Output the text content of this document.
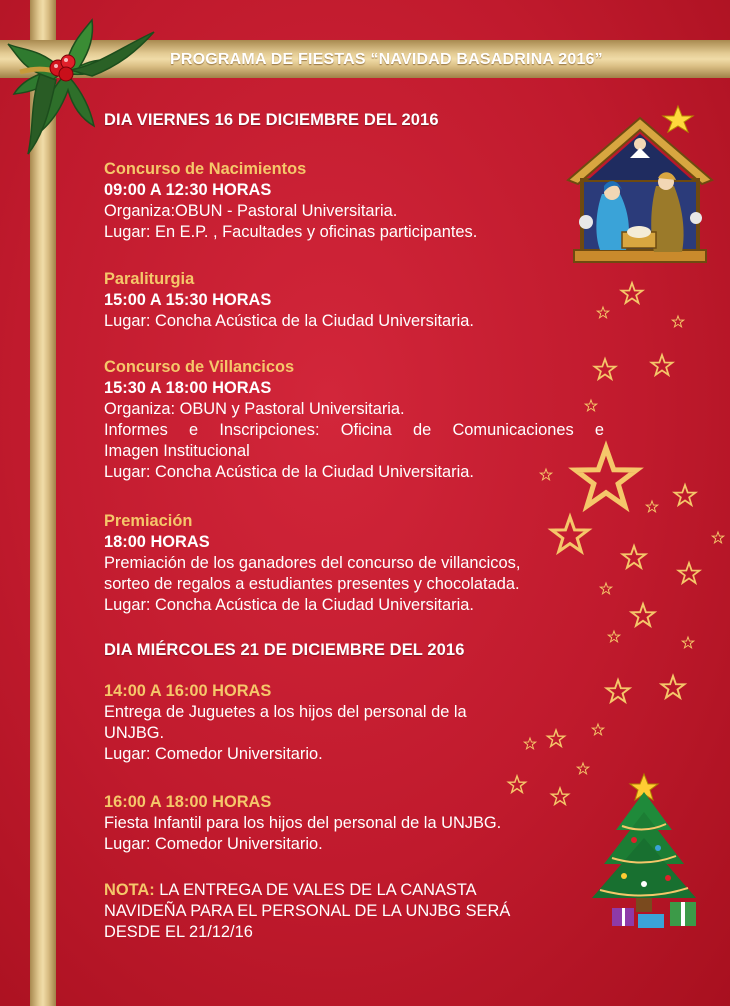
PROGRAMA DE FIESTAS “NAVIDAD BASADRINA 2016”
DIA VIERNES 16 DE DICIEMBRE DEL 2016
Concurso de Nacimientos
09:00 A 12:30 HORAS
Organiza:OBUN - Pastoral Universitaria.
Lugar: En E.P. , Facultades y oficinas participantes.
Paraliturgia
15:00 A 15:30 HORAS
Lugar: Concha Acústica de la Ciudad Universitaria.
Concurso de Villancicos
15:30 A 18:00 HORAS
Organiza: OBUN y Pastoral Universitaria.
Informes e Inscripciones: Oficina de Comunicaciones e
Imagen Institucional
Lugar: Concha Acústica de la Ciudad Universitaria.
Premiación
18:00 HORAS
Premiación de los ganadores del concurso de villancicos,
sorteo de regalos a estudiantes presentes y chocolatada.
Lugar: Concha Acústica de la Ciudad Universitaria.
DIA MIÉRCOLES 21 DE DICIEMBRE DEL 2016
14:00 A 16:00 HORAS
Entrega de Juguetes a los hijos del personal de la
UNJBG.
Lugar: Comedor Universitario.
16:00 A 18:00 HORAS
Fiesta Infantil para los hijos del personal de la UNJBG.
Lugar: Comedor Universitario.
NOTA: LA ENTREGA DE VALES DE LA CANASTA
NAVIDEÑA PARA EL PERSONAL DE LA UNJBG SERÁ
DESDE EL 21/12/16
